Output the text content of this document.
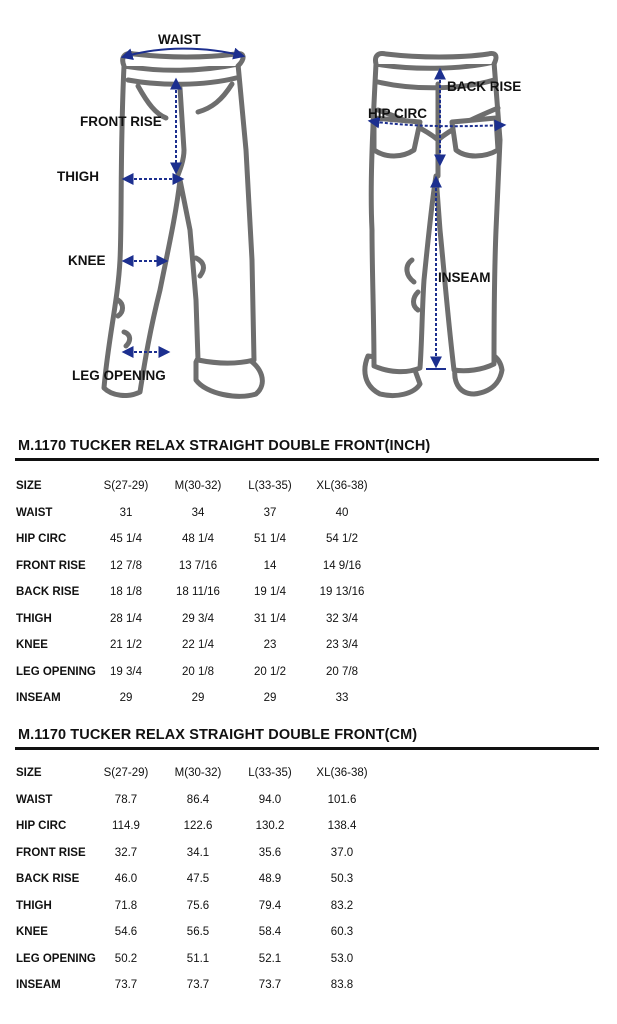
WAIST
FRONT RISE
THIGH
KNEE
LEG OPENING
BACK RISE
HIP CIRC
INSEAM
M.1170 TUCKER RELAX STRAIGHT DOUBLE FRONT(INCH)
SIZE	S(27-29) M(30-32) L(33-35) XL(36-38)
WAIST	31	34	37	40
HIP CIRC	45 1/4	48 1/4	51 1/4	54 1/2
FRONT RISE 12 7/8	13 7/16	14	14 9/16
BACK RISE	18 1/8	18 11/16	19 1/4	19 13/16
THIGH	28 1/4	29 3/4	31 1/4	32 3/4
KNEE	21 1/2	22 1/4	23	23 3/4
LEG OPENING 19 3/4	20 1/8	20 1/2	20 7/8
INSEAM	29	29	29	33
M.1170 TUCKER RELAX STRAIGHT DOUBLE FRONT(CM)
SIZE	S(27-29) M(30-32) L(33-35) XL(36-38)
WAIST	78.7	86.4	94.0	101.6
HIP CIRC	114.9	122.6	130.2	138.4
FRONT RISE	32.7	34.1	35.6	37.0
BACK RISE	46.0	47.5	48.9	50.3
THIGH	71.8	75.6	79.4	83.2
KNEE	54.6	56.5	58.4	60.3
LEG OPENING 50.2	51.1	52.1	53.0
INSEAM	73.7	73.7	73.7	83.8
